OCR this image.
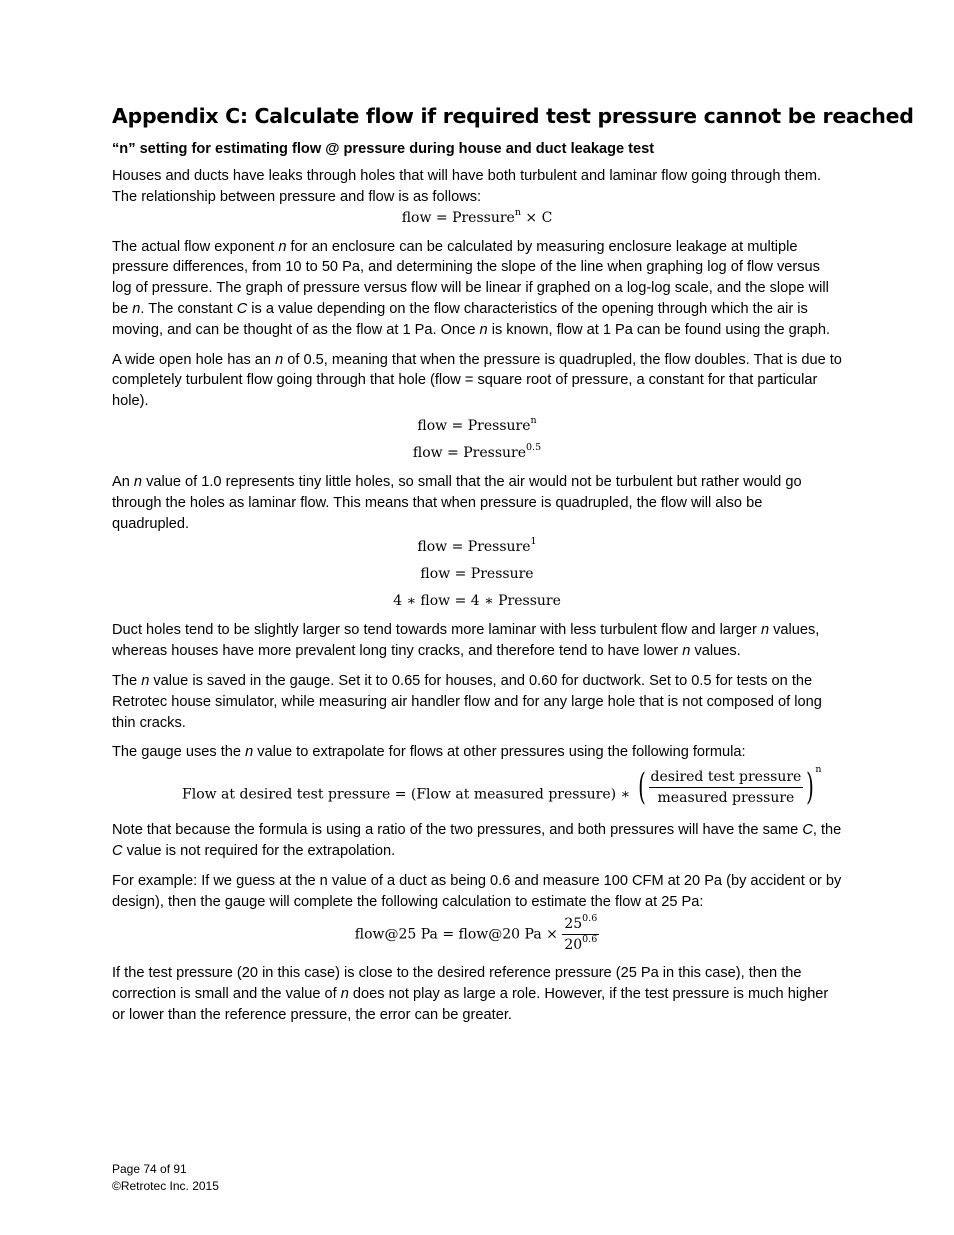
Appendix C: Calculate flow if required test pressure cannot be reached
“n” setting for estimating flow @ pressure during house and duct leakage test

Houses and ducts have leaks through holes that will have both turbulent and laminar flow going through them. The relationship between pressure and flow is as follows:

flow = Pressure$^n$ × C

The actual flow exponent n for an enclosure can be calculated by measuring enclosure leakage at multiple pressure differences, from 10 to 50 Pa, and determining the slope of the line when graphing log of flow versus log of pressure. The graph of pressure versus flow will be linear if graphed on a log-log scale, and the slope will be n. The constant C is a value depending on the flow characteristics of the opening through which the air is moving, and can be thought of as the flow at 1 Pa. Once n is known, flow at 1 Pa can be found using the graph.

A wide open hole has an n of 0.5, meaning that when the pressure is quadrupled, the flow doubles. That is due to completely turbulent flow going through that hole (flow = square root of pressure, a constant for that particular hole).

flow = Pressure$^n$
flow = Pressure$^{0.5}$

An n value of 1.0 represents tiny little holes, so small that the air would not be turbulent but rather would go through the holes as laminar flow. This means that when pressure is quadrupled, the flow will also be quadrupled.

flow = Pressure$^1$
flow = Pressure
4 ∗ flow = 4 ∗ Pressure

Duct holes tend to be slightly larger so tend towards more laminar with less turbulent flow and larger n values, whereas houses have more prevalent long tiny cracks, and therefore tend to have lower n values.

The n value is saved in the gauge. Set it to 0.65 for houses, and 0.60 for ductwork. Set to 0.5 for tests on the Retrotec house simulator, while measuring air handler flow and for any large hole that is not composed of long thin cracks.

The gauge uses the n value to extrapolate for flows at other pressures using the following formula:

Flow at desired test pressure = (Flow at measured pressure) ∗ ( $\frac{\text{desired test pressure}}{\text{measured pressure}}$ ) n

Note that because the formula is using a ratio of the two pressures, and both pressures will have the same C, the C value is not required for the extrapolation.

For example: If we guess at the n value of a duct as being 0.6 and measure 100 CFM at 20 Pa (by accident or by design), then the gauge will complete the following calculation to estimate the flow at 25 Pa:

flow@25 Pa = flow@20 $Pa \times \frac{25^{0.6}}{20^{0.6}}$

If the test pressure (20 in this case) is close to the desired reference pressure (25 Pa in this case), then the correction is small and the value of n does not play as large a role. However, if the test pressure is much higher or lower than the reference pressure, the error can be greater.

Page 74 of 91
©Retrotec Inc. 2015
